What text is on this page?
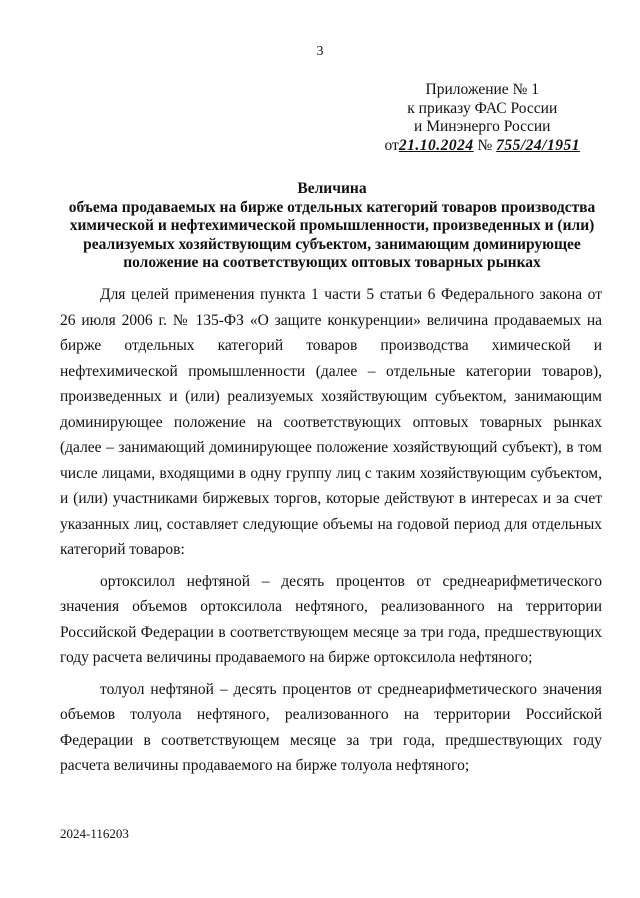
3
Приложение № 1
к приказу ФАС России
и Минэнерго России
от21.10.2024 № 755/24/1951
Величина
объема продаваемых на бирже отдельных категорий товаров производства
химической и нефтехимической промышленности, произведенных и (или)
реализуемых хозяйствующим субъектом, занимающим доминирующее
положение на соответствующих оптовых товарных рынках

Для целей применения пункта 1 части 5 статьи 6 Федерального закона от 26 июля 2006 г. № 135-ФЗ «О защите конкуренции» величина продаваемых на бирже отдельных категорий товаров производства химической и нефтехимической промышленности (далее – отдельные категории товаров), произведенных и (или) реализуемых хозяйствующим субъектом, занимающим доминирующее положение на соответствующих оптовых товарных рынках (далее – занимающий доминирующее положение хозяйствующий субъект), в том числе лицами, входящими в одну группу лиц с таким хозяйствующим субъектом, и (или) участниками биржевых торгов, которые действуют в интересах и за счет указанных лиц, составляет следующие объемы на годовой период для отдельных категорий товаров:

ортоксилол нефтяной – десять процентов от среднеарифметического значения объемов ортоксилола нефтяного, реализованного на территории Российской Федерации в соответствующем месяце за три года, предшествующих году расчета величины продаваемого на бирже ортоксилола нефтяного;

толуол нефтяной – десять процентов от среднеарифметического значения объемов толуола нефтяного, реализованного на территории Российской Федерации в соответствующем месяце за три года, предшествующих году расчета величины продаваемого на бирже толуола нефтяного;

2024-116203
